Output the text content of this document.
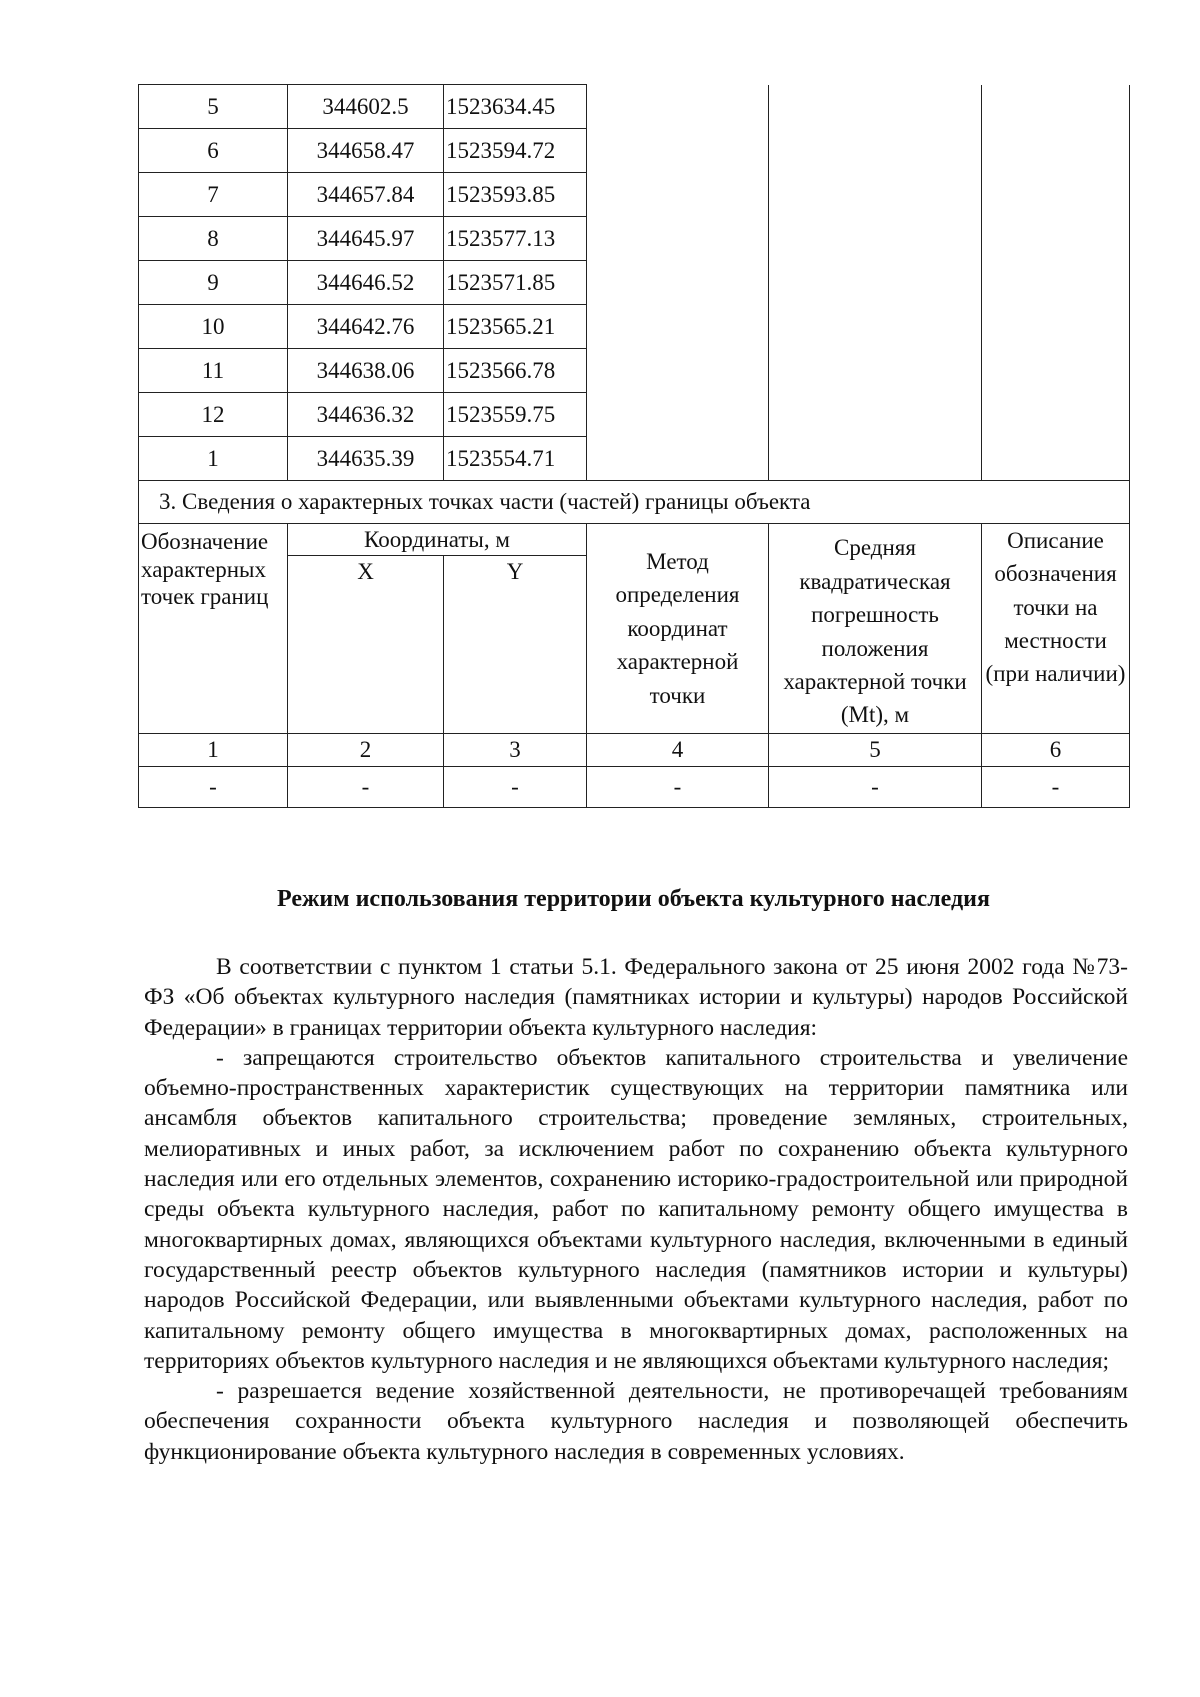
5	344602.5	1523634.45			
6	344658.47	1523594.72			
7	344657.84	1523593.85			
8	344645.97	1523577.13			
9	344646.52	1523571.85			
10	344642.76	1523565.21			
11	344638.06	1523566.78			
12	344636.32	1523559.75			
1	344635.39	1523554.71			
3. Сведения о характерных точках части (частей) границы объекта					
Обозначение характерных точек границ	Координаты, м		Метод определения координат характерной точки	Средняя квадратическая погрешность положения характерной точки (Mt), м	Описание обозначения точки на местности (при наличии)
	X	Y			
1	2	3	4	5	6
-	-	-	-	-	-
Режим использования территории объекта культурного наследия

В соответствии с пунктом 1 статьи 5.1. Федерального закона от 25 июня 2002 года №73-ФЗ «Об объектах культурного наследия (памятниках истории и культуры) народов Российской Федерации» в границах территории объекта культурного наследия:

- запрещаются строительство объектов капитального строительства и увеличение объемно-пространственных характеристик существующих на территории памятника или ансамбля объектов капитального строительства; проведение земляных, строительных, мелиоративных и иных работ, за исключением работ по сохранению объекта культурного наследия или его отдельных элементов, сохранению историко-градостроительной или природной среды объекта культурного наследия, работ по капитальному ремонту общего имущества в многоквартирных домах, являющихся объектами культурного наследия, включенными в единый государственный реестр объектов культурного наследия (памятников истории и культуры) народов Российской Федерации, или выявленными объектами культурного наследия, работ по капитальному ремонту общего имущества в многоквартирных домах, расположенных на территориях объектов культурного наследия и не являющихся объектами культурного наследия;

- разрешается ведение хозяйственной деятельности, не противоречащей требованиям обеспечения сохранности объекта культурного наследия и позволяющей обеспечить функционирование объекта культурного наследия в современных условиях.
